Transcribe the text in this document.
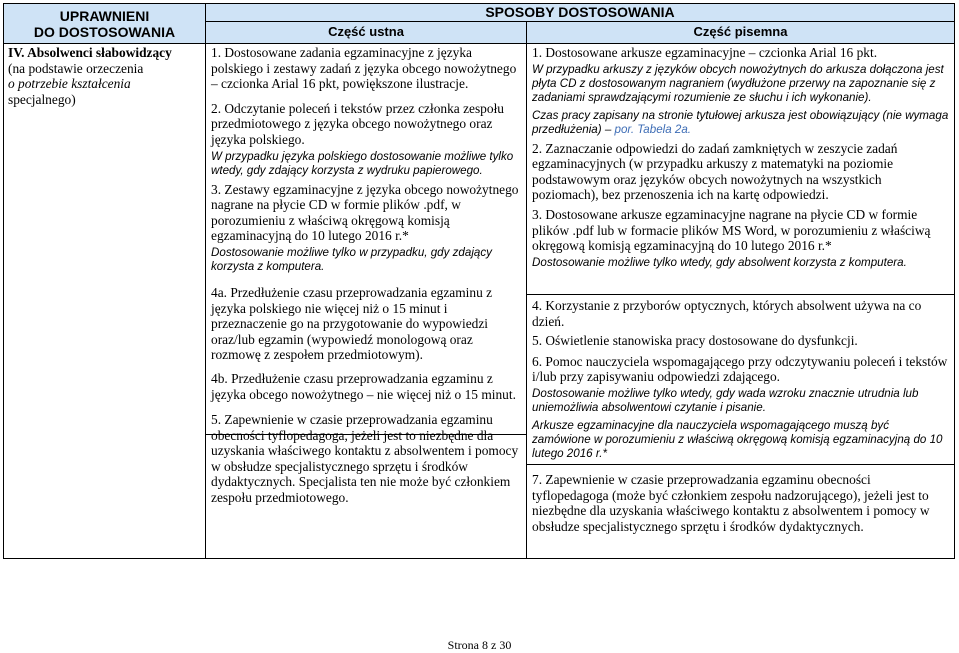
UPRAWNIENI
DO DOSTOSOWANIA
SPOSOBY DOSTOSOWANIA
Część ustna	Część pisemna

IV. Absolwenci słabowidzący

(na podstawie orzeczenia

o potrzebie kształcenia

specjalnego)

1. Dostosowane zadania egzaminacyjne z języka polskiego i zestawy zadań z języka obcego nowożytnego – czcionka Arial 16 pkt, powiększone ilustracje.

2. Odczytanie poleceń i tekstów przez członka zespołu przedmiotowego z języka obcego nowożytnego oraz języka polskiego.

W przypadku języka polskiego dostosowanie możliwe tylko wtedy, gdy zdający korzysta z wydruku papierowego.

3. Zestawy egzaminacyjne z języka obcego nowożytnego nagrane na płycie CD w formie plików .pdf, w porozumieniu z właściwą okręgową komisją egzaminacyjną do 10 lutego 2016 r.*

Dostosowanie możliwe tylko w przypadku, gdy zdający korzysta z komputera.

4a. Przedłużenie czasu przeprowadzania egzaminu z języka polskiego nie więcej niż o 15 minut i przeznaczenie go na przygotowanie do wypowiedzi oraz/lub egzamin (wypowiedź monologową oraz rozmowę z zespołem przedmiotowym).

4b. Przedłużenie czasu przeprowadzania egzaminu z języka obcego nowożytnego – nie więcej niż o 15 minut.

5. Zapewnienie w czasie przeprowadzania egzaminu obecności tyflopedagoga, jeżeli jest to niezbędne dla uzyskania właściwego kontaktu z absolwentem i pomocy w obsłudze specjalistycznego sprzętu i środków dydaktycznych. Specjalista ten nie może być członkiem zespołu przedmiotowego.

1. Dostosowane arkusze egzaminacyjne – czcionka Arial 16 pkt.

W przypadku arkuszy z języków obcych nowożytnych do arkusza dołączona jest płyta CD z dostosowanym nagraniem (wydłużone przerwy na zapoznanie się z zadaniami sprawdzającymi rozumienie ze słuchu i ich wykonanie).

Czas pracy zapisany na stronie tytułowej arkusza jest obowiązujący (nie wymaga przedłużenia) – por. Tabela 2a.

2. Zaznaczanie odpowiedzi do zadań zamkniętych w zeszycie zadań egzaminacyjnych (w przypadku arkuszy z matematyki na poziomie podstawowym oraz języków obcych nowożytnych na wszystkich poziomach), bez przenoszenia ich na kartę odpowiedzi.

3. Dostosowane arkusze egzaminacyjne nagrane na płycie CD w formie plików .pdf lub w formacie plików MS Word, w porozumieniu z właściwą okręgową komisją egzaminacyjną do 10 lutego 2016 r.*

Dostosowanie możliwe tylko wtedy, gdy absolwent korzysta z komputera.

4. Korzystanie z przyborów optycznych, których absolwent używa na co dzień.

5. Oświetlenie stanowiska pracy dostosowane do dysfunkcji.

6. Pomoc nauczyciela wspomagającego przy odczytywaniu poleceń i tekstów i/lub przy zapisywaniu odpowiedzi zdającego.

Dostosowanie możliwe tylko wtedy, gdy wada wzroku znacznie utrudnia lub uniemożliwia absolwentowi czytanie i pisanie.

Arkusze egzaminacyjne dla nauczyciela wspomagającego muszą być zamówione w porozumieniu z właściwą okręgową komisją egzaminacyjną do 10 lutego 2016 r.*

7. Zapewnienie w czasie przeprowadzania egzaminu obecności tyflopedagoga (może być członkiem zespołu nadzorującego), jeżeli jest to niezbędne dla uzyskania właściwego kontaktu z absolwentem i pomocy w obsłudze specjalistycznego sprzętu i środków dydaktycznych.

Strona 8 z 30
